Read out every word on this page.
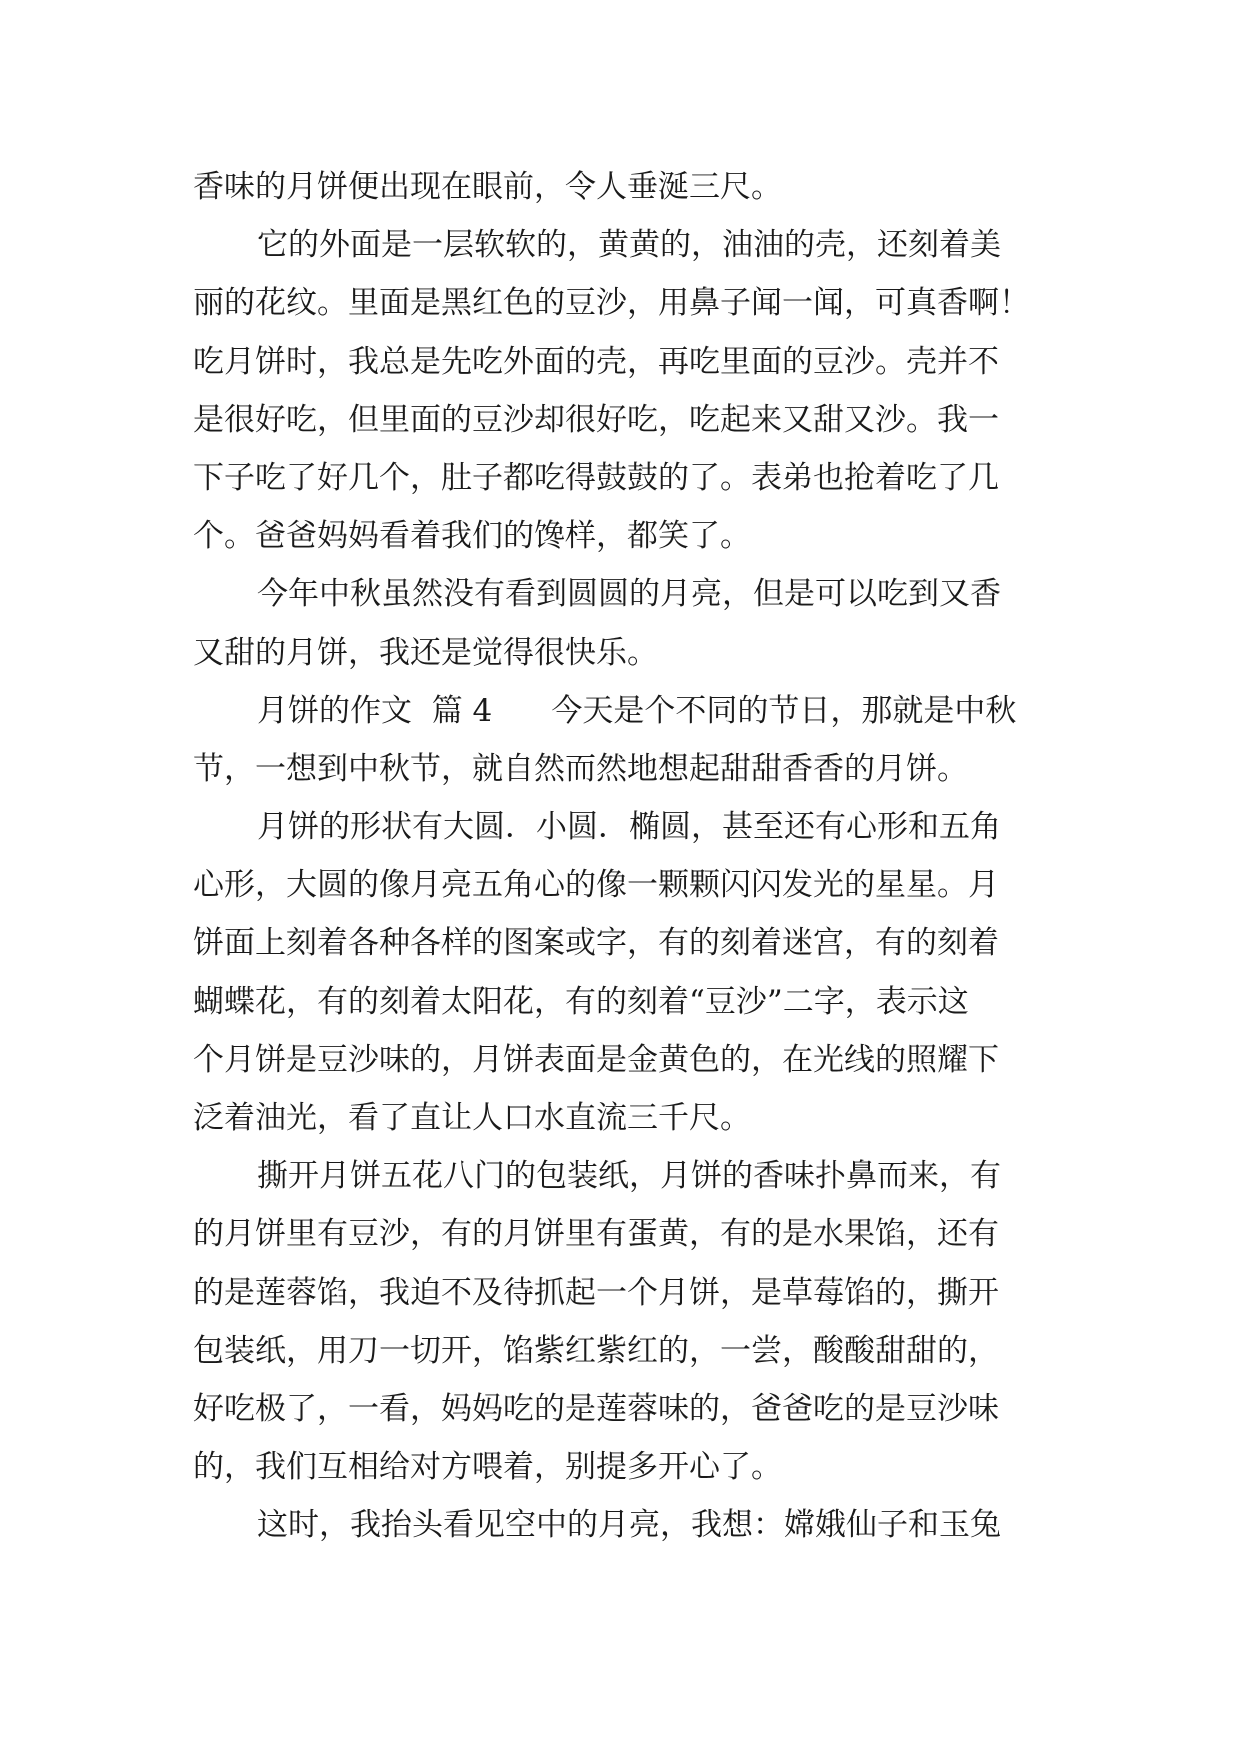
香味的月饼便出现在眼前，令人垂涎三尺。
它的外面是一层软软的，黄黄的，油油的壳，还刻着美
丽的花纹。里面是黑红色的豆沙，用鼻子闻一闻，可真香啊！
吃月饼时，我总是先吃外面的壳，再吃里面的豆沙。壳并不
是很好吃，但里面的豆沙却很好吃，吃起来又甜又沙。我一
下子吃了好几个，肚子都吃得鼓鼓的了。表弟也抢着吃了几
个。爸爸妈妈看着我们的馋样，都笑了。
今年中秋虽然没有看到圆圆的月亮，但是可以吃到又香
又甜的月饼，我还是觉得很快乐。
月饼的作文  篇 4      今天是个不同的节日，那就是中秋
节，一想到中秋节，就自然而然地想起甜甜香香的月饼。
月饼的形状有大圆．小圆．椭圆，甚至还有心形和五角
心形，大圆的像月亮五角心的像一颗颗闪闪发光的星星。月
饼面上刻着各种各样的图案或字，有的刻着迷宫，有的刻着
蝴蝶花，有的刻着太阳花，有的刻着“豆沙”二字，表示这
个月饼是豆沙味的，月饼表面是金黄色的，在光线的照耀下
泛着油光，看了直让人口水直流三千尺。
撕开月饼五花八门的包装纸，月饼的香味扑鼻而来，有
的月饼里有豆沙，有的月饼里有蛋黄，有的是水果馅，还有
的是莲蓉馅，我迫不及待抓起一个月饼，是草莓馅的，撕开
包装纸，用刀一切开，馅紫红紫红的，一尝，酸酸甜甜的，
好吃极了，一看，妈妈吃的是莲蓉味的，爸爸吃的是豆沙味
的，我们互相给对方喂着，别提多开心了。
这时，我抬头看见空中的月亮，我想：嫦娥仙子和玉兔
